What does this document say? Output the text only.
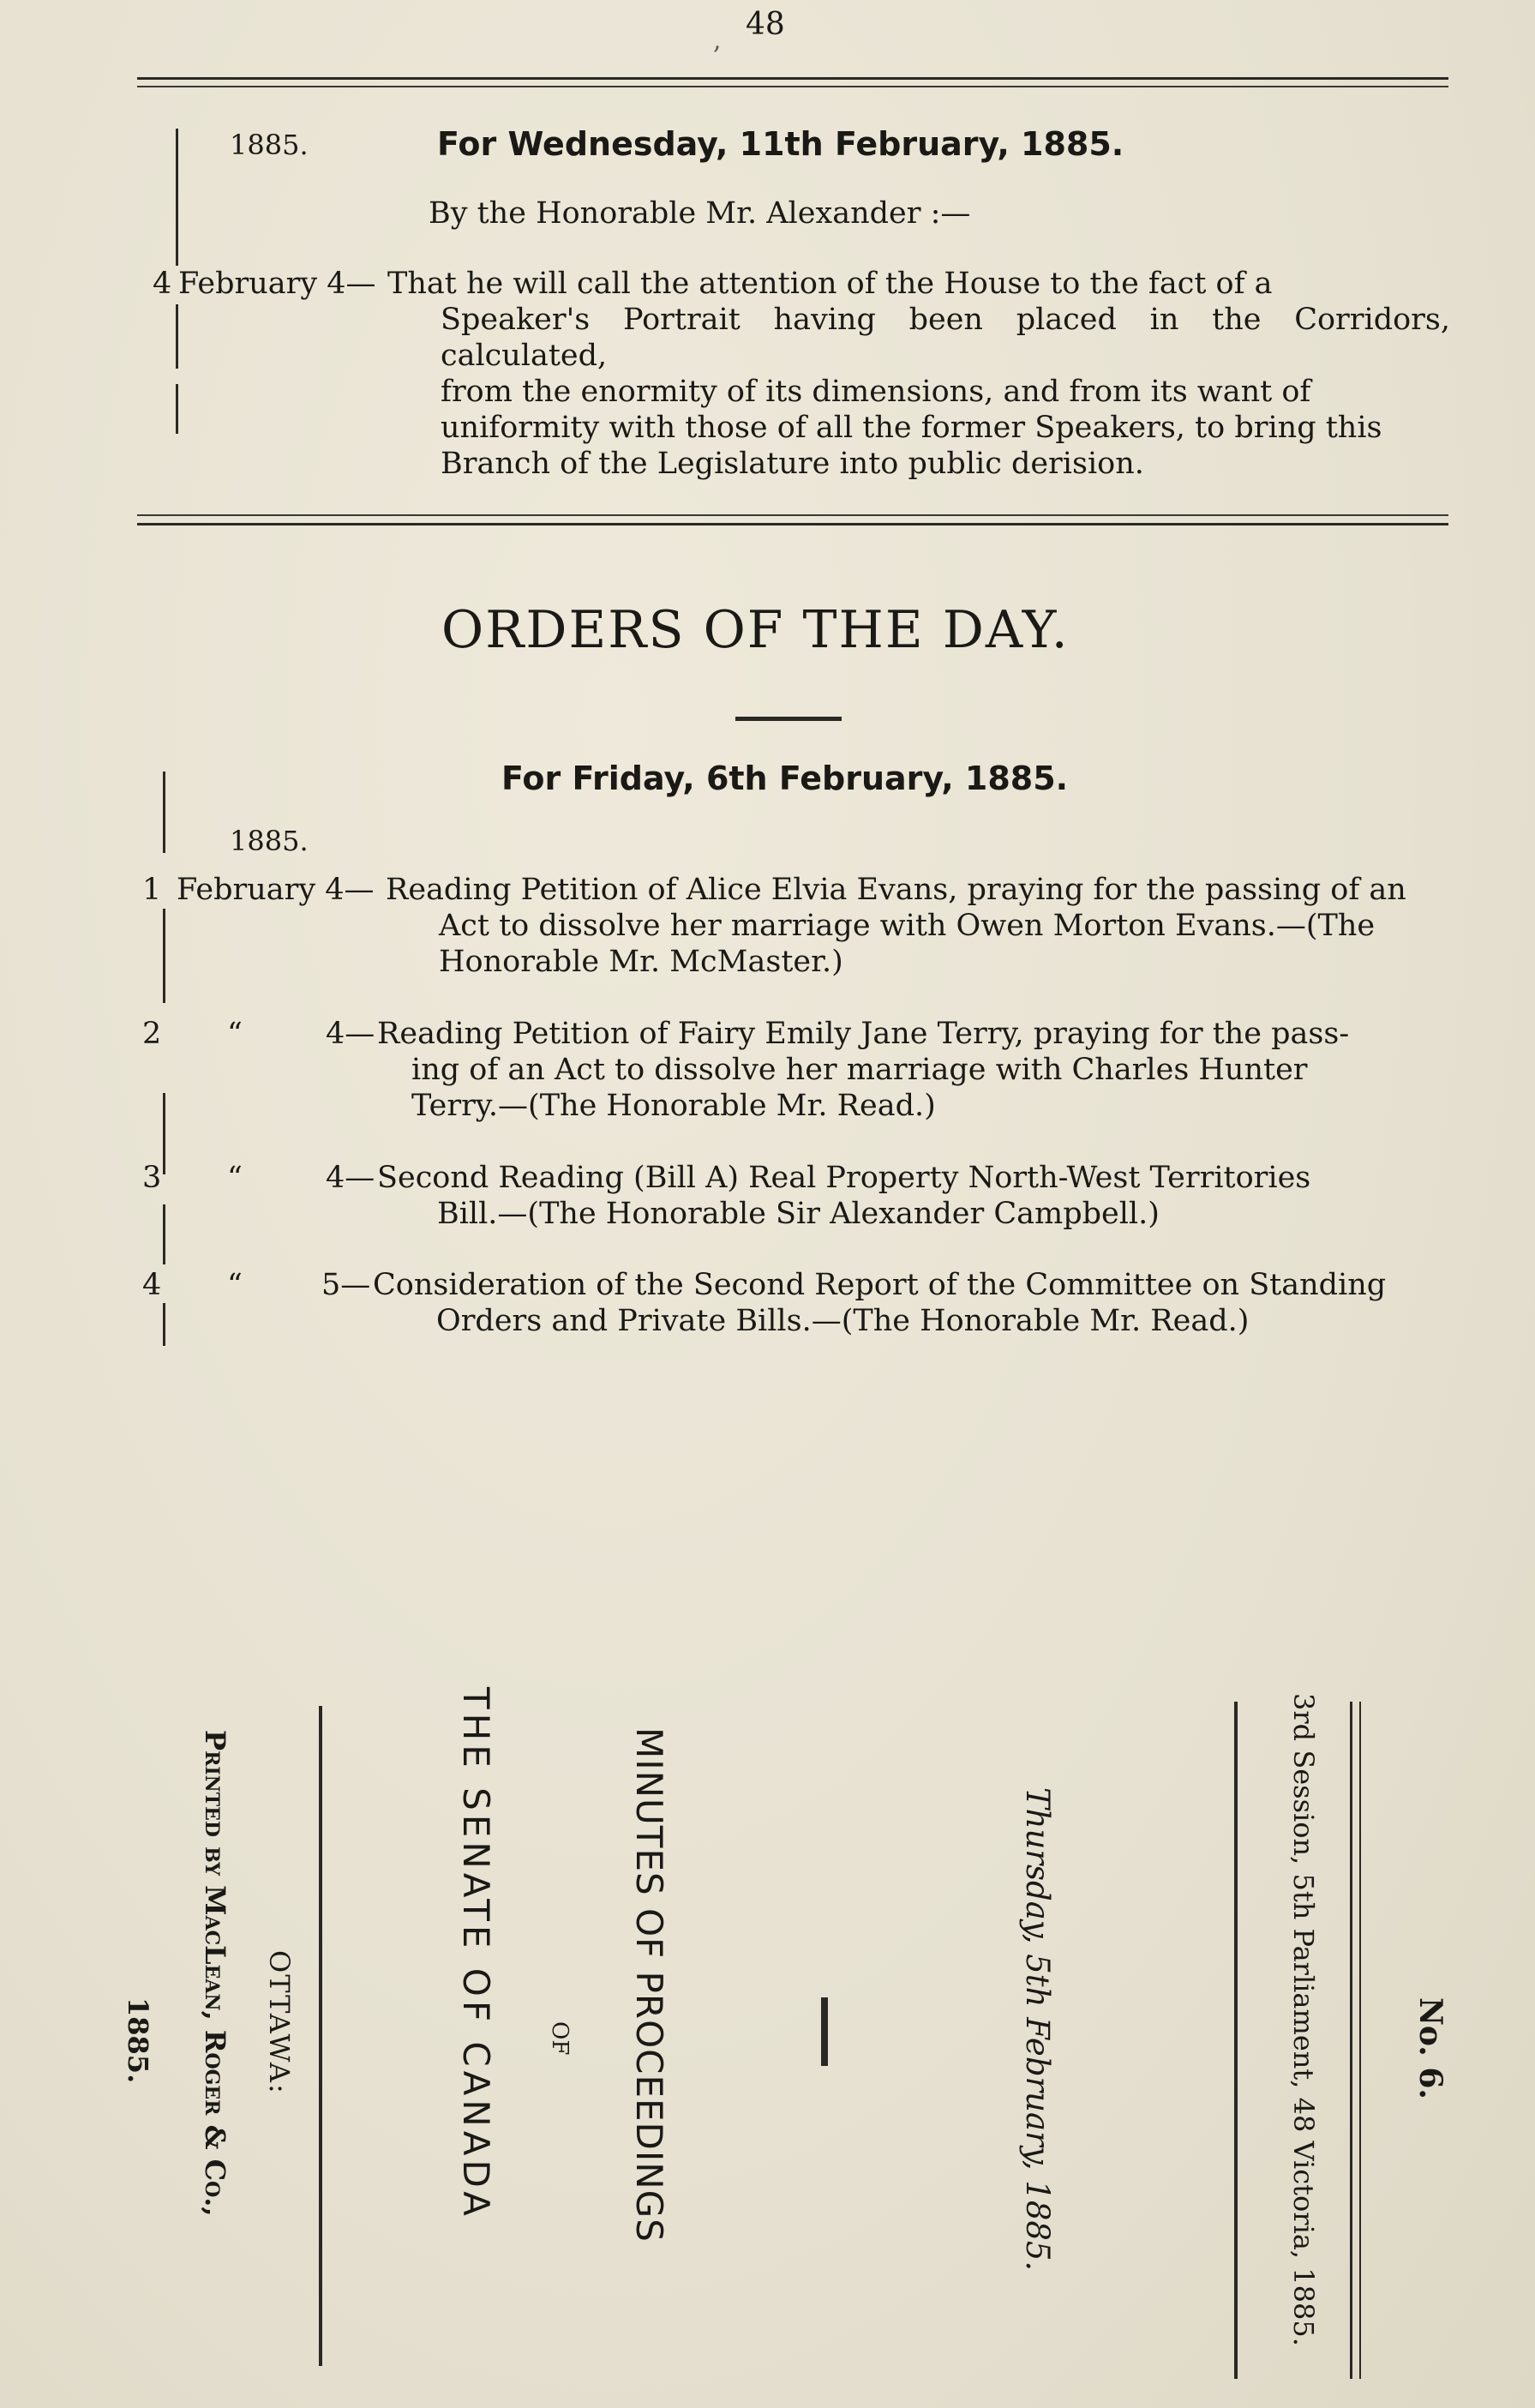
, 48
1885.	For Wednesday, 11th February, 1885.
By the Honorable Mr. Alexander :—
4 February 4— That he will call the attention of the House to the fact of a
Speaker's Portrait having been placed in the Corridors, calculated,
from the enormity of its dimensions, and from its want of
uniformity with those of all the former Speakers, to bring this
Branch of the Legislature into public derision.
ORDERS OF THE DAY.
For Friday, 6th February, 1885.
1885.
1 February 4— Reading Petition of Alice Elvia Evans, praying for the passing of an
Act to dissolve her marriage with Owen Morton Evans.—(The
Honorable Mr. McMaster.)
2 “	4— Reading Petition of Fairy Emily Jane Terry, praying for the pass-
ing of an Act to dissolve her marriage with Charles Hunter
Terry.—(The Honorable Mr. Read.)
3 “	4— Second Reading (Bill A) Real Property North-West Territories
Bill.—(The Honorable Sir Alexander Campbell.)
4 “	5— Consideration of the Second Report of the Committee on Standing
Orders and Private Bills.—(The Honorable Mr. Read.)
No. 6.
3rd Session, 5th Parliament, 48 Victoria, 1885.
Thursday, 5th February, 1885.
MINUTES OF PROCEEDINGS
OF
THE SENATE OF CANADA
OTTAWA:
Printed by MacLean, Roger & Co.,
1885.
